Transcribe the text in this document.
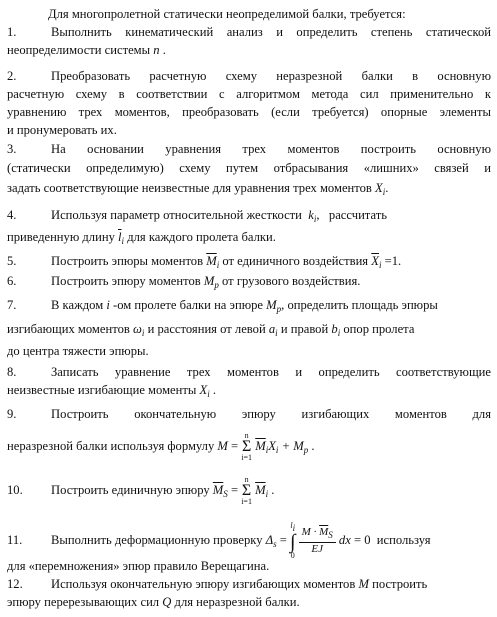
Для многопролетной статически неопределимой балки, требуется:
1.	Выполнить кинематический анализ и определить степень статической
неопределимости системы n .
2.	Преобразовать расчетную схему неразрезной балки в основную
расчетную схему в соответствии с алгоритмом метода сил применительно к
уравнению трех моментов, преобразовать (если требуется) опорные элементы
и пронумеровать их.
3.	На основании уравнения трех моментов построить основную
(статически определимую) схему путем отбрасывания «лишних» связей и
задать соответствующие неизвестные для уравнения трех моментов $X_i$.
4.	Используя параметр относительной жесткости $k_i$,   рассчитать
приведенную длину $\overline{l}_i$ для каждого пролета балки.
5.	Построить эпюры моментов $\overline{M}_i$ от единичного воздействия $\overline{X}_i =1$.
6.	Построить эпюру моментов $M_p$ от грузового воздействия.
7.	В каждом i -ом пролете балки на эпюре $M_p$, определить площадь эпюры
изгибающих моментов $\omega_i$ и расстояния от левой $a_i$ и правой $b_i$ опор пролета
до центра тяжести эпюры.
8.	Записать уравнение трех моментов и определить соответствующие
неизвестные изгибающие моменты $X_i$ .
9.	Построить окончательную эпюру изгибающих моментов для
неразрезной балки используя формулу M = n
Σ
i=1 $\overline{M}_iX_i + M_p$ .
10. Построить единичную эпюру $\overline{M}_S = n$
Σ
i=1 $\overline{M}_i$ .
11. Выполнить деформационную проверку $\Delta_s$ = li
∫
$0 \frac{M \cdot \overline{M}_S}{EJ}$ dx = 0  используя
для «перемножения» эпюр правило Верещагина.
12. Используя окончательную эпюру изгибающих моментов M построить
эпюру перерезывающих сил Q для неразрезной балки.
